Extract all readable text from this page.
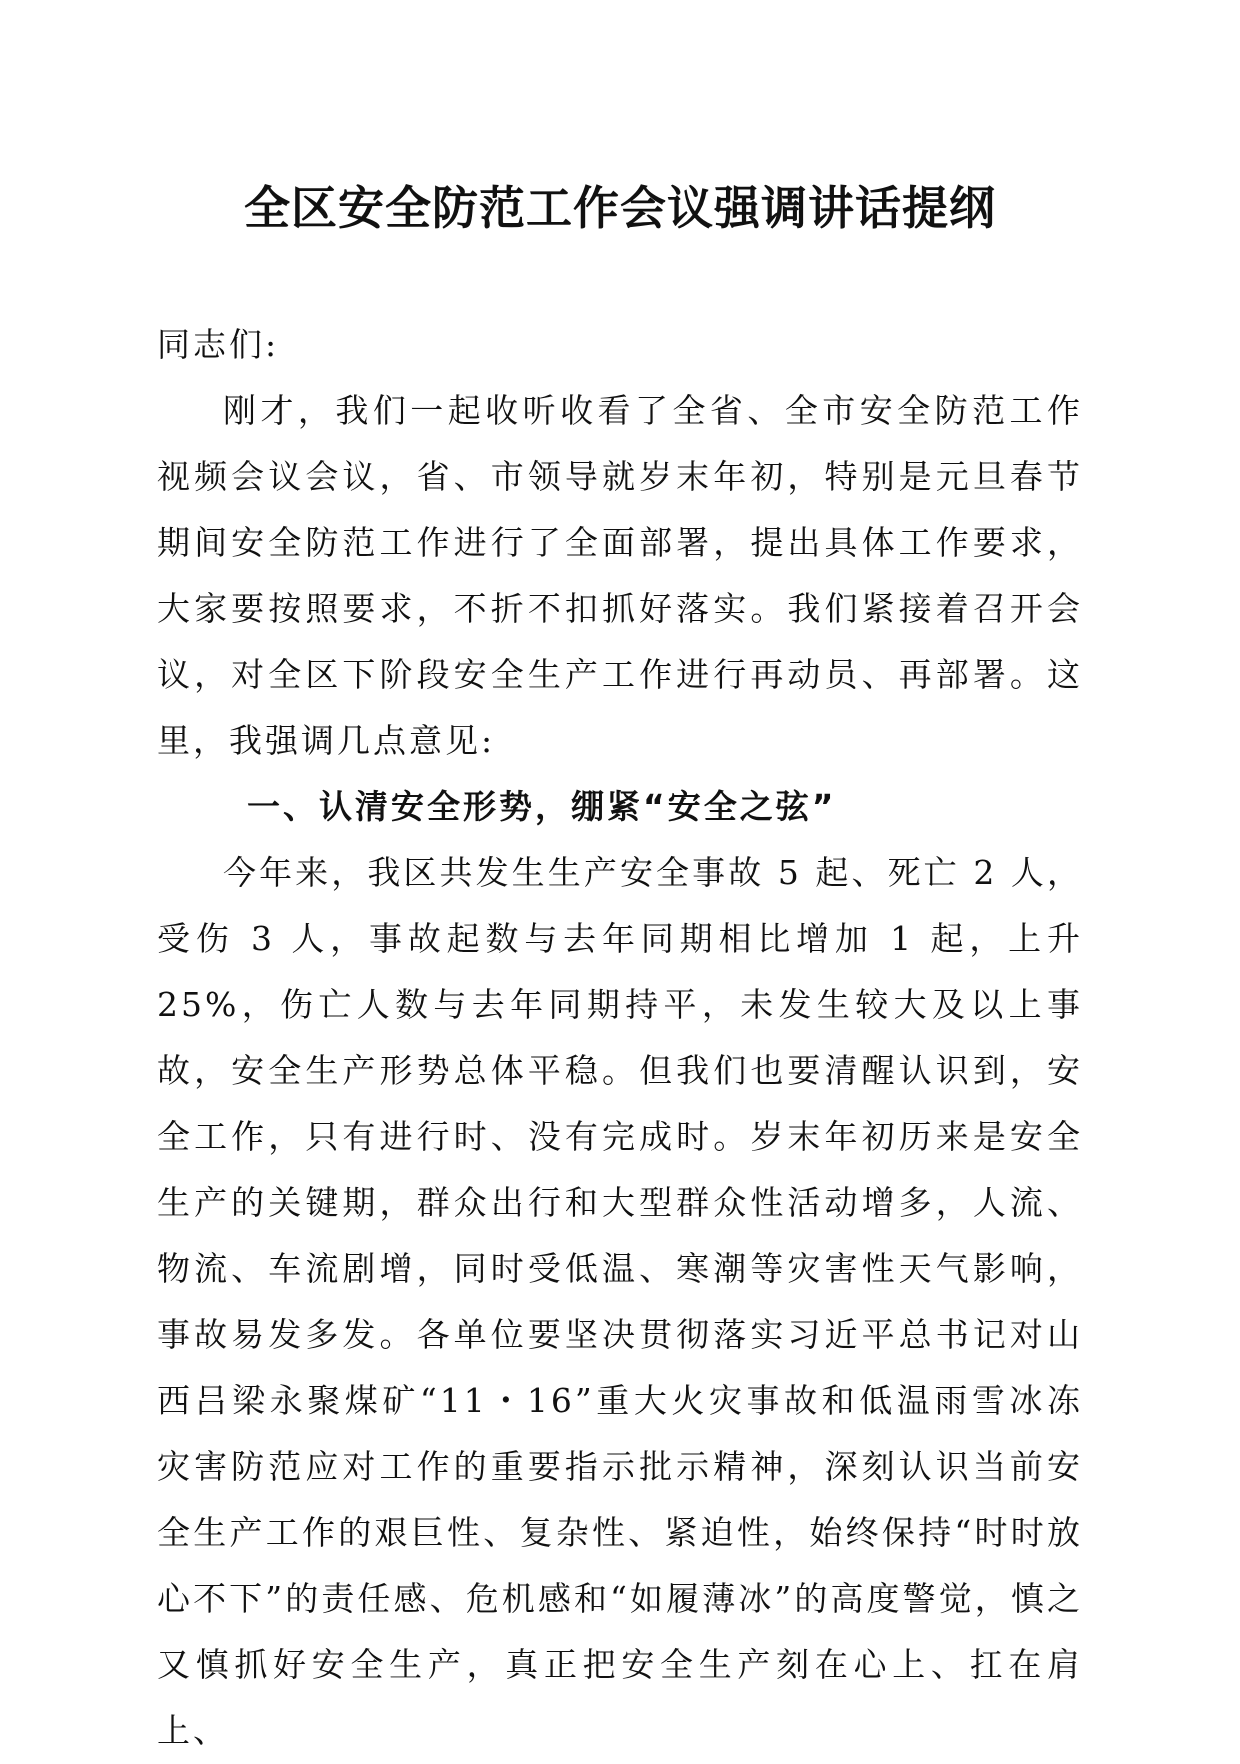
全区安全防范工作会议强调讲话提纲

同志们:

刚才，我们一起收听收看了全省、全市安全防范工作视频会议会议，省、市领导就岁末年初，特别是元旦春节期间安全防范工作进行了全面部署，提出具体工作要求，大家要按照要求，不折不扣抓好落实。我们紧接着召开会议，对全区下阶段安全生产工作进行再动员、再部署。这里，我强调几点意见:

一、认清安全形势，绷紧“安全之弦”

今年来，我区共发生生产安全事故 5 起、死亡 2 人，受伤 3 人，事故起数与去年同期相比增加 1 起，上升 25%，伤亡人数与去年同期持平，未发生较大及以上事故，安全生产形势总体平稳。但我们也要清醒认识到，安全工作，只有进行时、没有完成时。岁末年初历来是安全生产的关键期，群众出行和大型群众性活动增多，人流、物流、车流剧增，同时受低温、寒潮等灾害性天气影响，事故易发多发。各单位要坚决贯彻落实习近平总书记对山西吕梁永聚煤矿“11・16”重大火灾事故和低温雨雪冰冻灾害防范应对工作的重要指示批示精神，深刻认识当前安全生产工作的艰巨性、复杂性、紧迫性，始终保持“时时放心不下”的责任感、危机感和“如履薄冰”的高度警觉，慎之又慎抓好安全生产，真正把安全生产刻在心上、扛在肩上、
